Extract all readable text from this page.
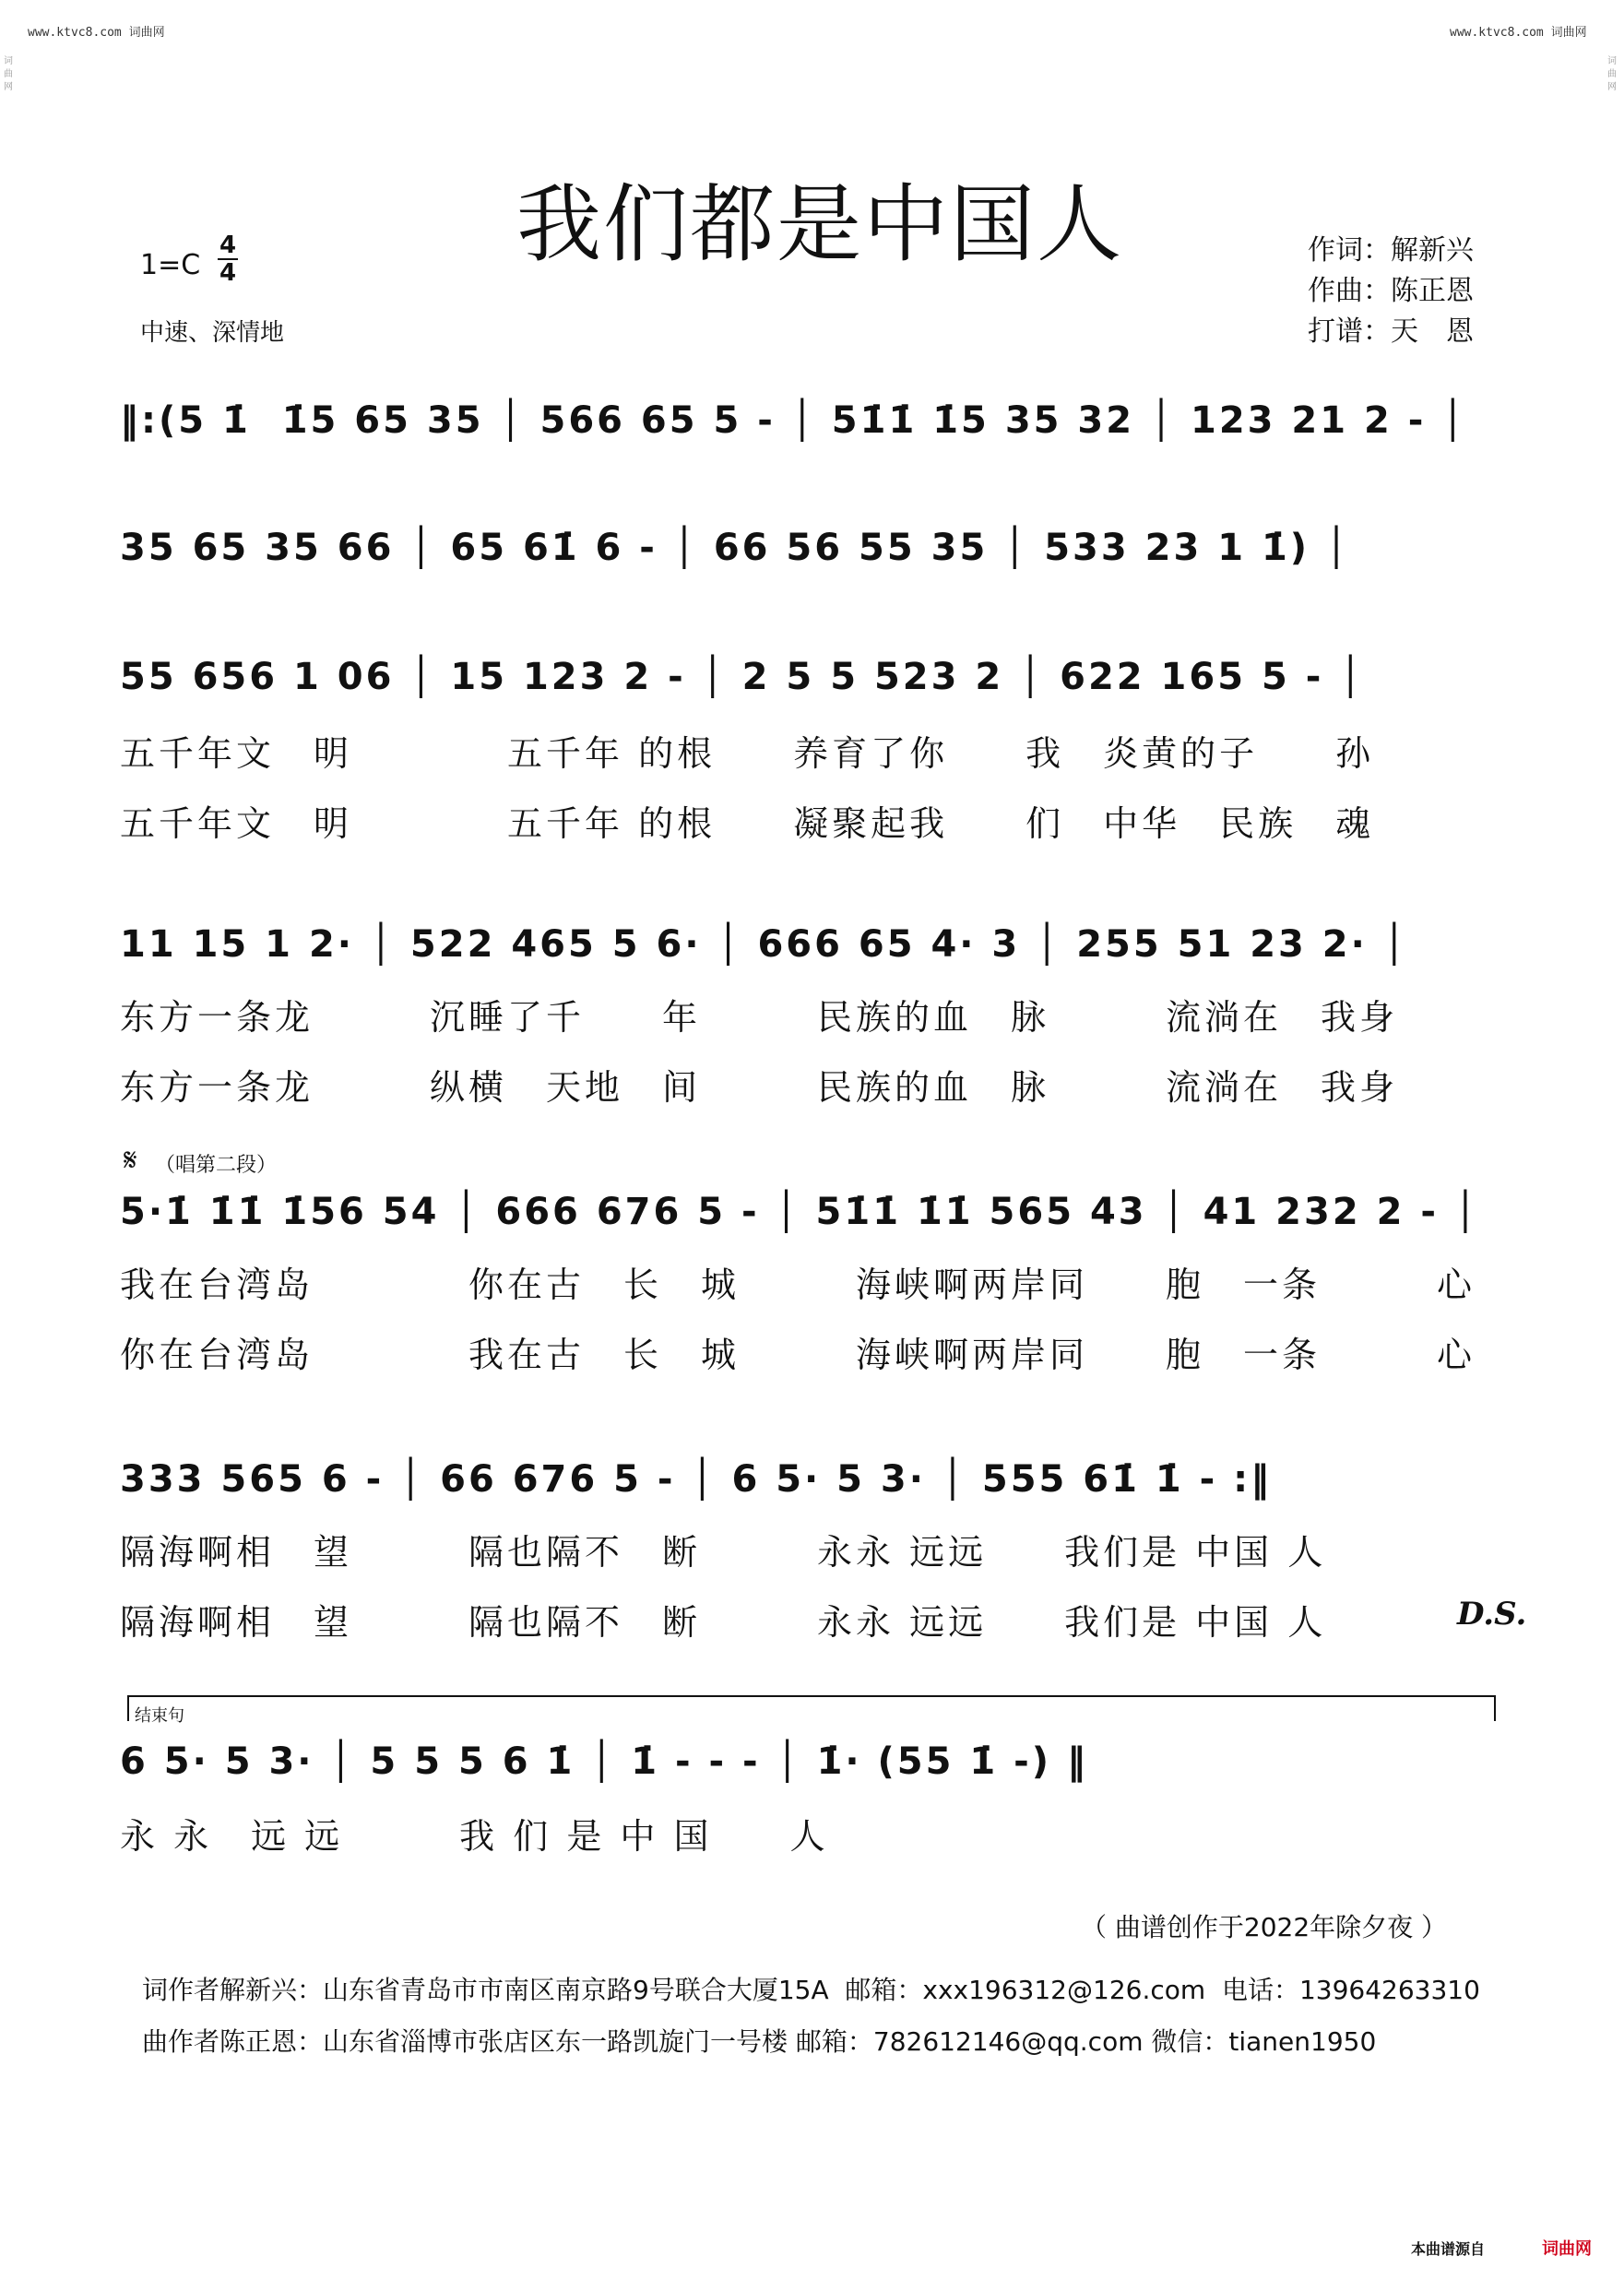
www.ktvc8.com 词曲网	www.ktvc8.com 词曲网
词曲网
词曲网
我们都是中国人
$1=C \frac{4}{4}$
中速、深情地
作词：解新兴
作曲：陈正恩
打谱：天　恩
‖:(5 1̇  1̇5 65 35 │ 566 65 5 - │ 51̇1̇ 1̇5 35 32 │ 123 21 2 - │
35 65 35 66 │ 65 61̇ 6 - │ 66 56 55 35 │ 533 23 1 1̇) │
55 656 1 06 │ 15 123 2 - │ 2 5 5 523 2 │ 622 165 5 - │
五千年文　明　　　　五千年 的根　　养育了你　　我　炎黄的子　　孙
五千年文　明　　　　五千年 的根　　凝聚起我　　们　中华　民族　魂
11 15 1 2· │ 522 465 5 6· │ 666 65 4· 3 │ 255 51 23 2· │
东方一条龙　　　沉睡了千　　年　　　民族的血　脉　　　流淌在　我身
东方一条龙　　　纵横　天地　间　　　民族的血　脉　　　流淌在　我身
𝄋 （唱第二段）
5·1̇ 1̇1̇ 1̇56 54 │ 666 676 5 - │ 51̇1̇ 1̇1̇ 565 43 │ 41 232 2 - │
我在台湾岛　　　　你在古　长　城　　　海峡啊两岸同　　胞　一条　　　心
你在台湾岛　　　　我在古　长　城　　　海峡啊两岸同　　胞　一条　　　心
333 565 6 - │ 66 676 5 - │ 6 5· 5 3· │ 555 61̇ 1̇ - :‖
隔海啊相　望　　　隔也隔不　断　　　永永 远远　　我们是 中国 人
隔海啊相　望　　　隔也隔不　断　　　永永 远远　　我们是 中国 人	D.S.
结束句
6 5· 5 3· │ 5 5 5 6 1̇ │ 1̇ - - - │ 1̇· (55 1̇ -) ‖
永 永　远 远　　　我 们 是 中 国　　人
（ 曲谱创作于2022年除夕夜 ）
词作者解新兴：山东省青岛市市南区南京路9号联合大厦15A  邮箱：xxx196312@126.com  电话：13964263310
曲作者陈正恩：山东省淄博市张店区东一路凯旋门一号楼 邮箱：782612146@qq.com 微信：tianen1950
本曲谱源自	词曲网
